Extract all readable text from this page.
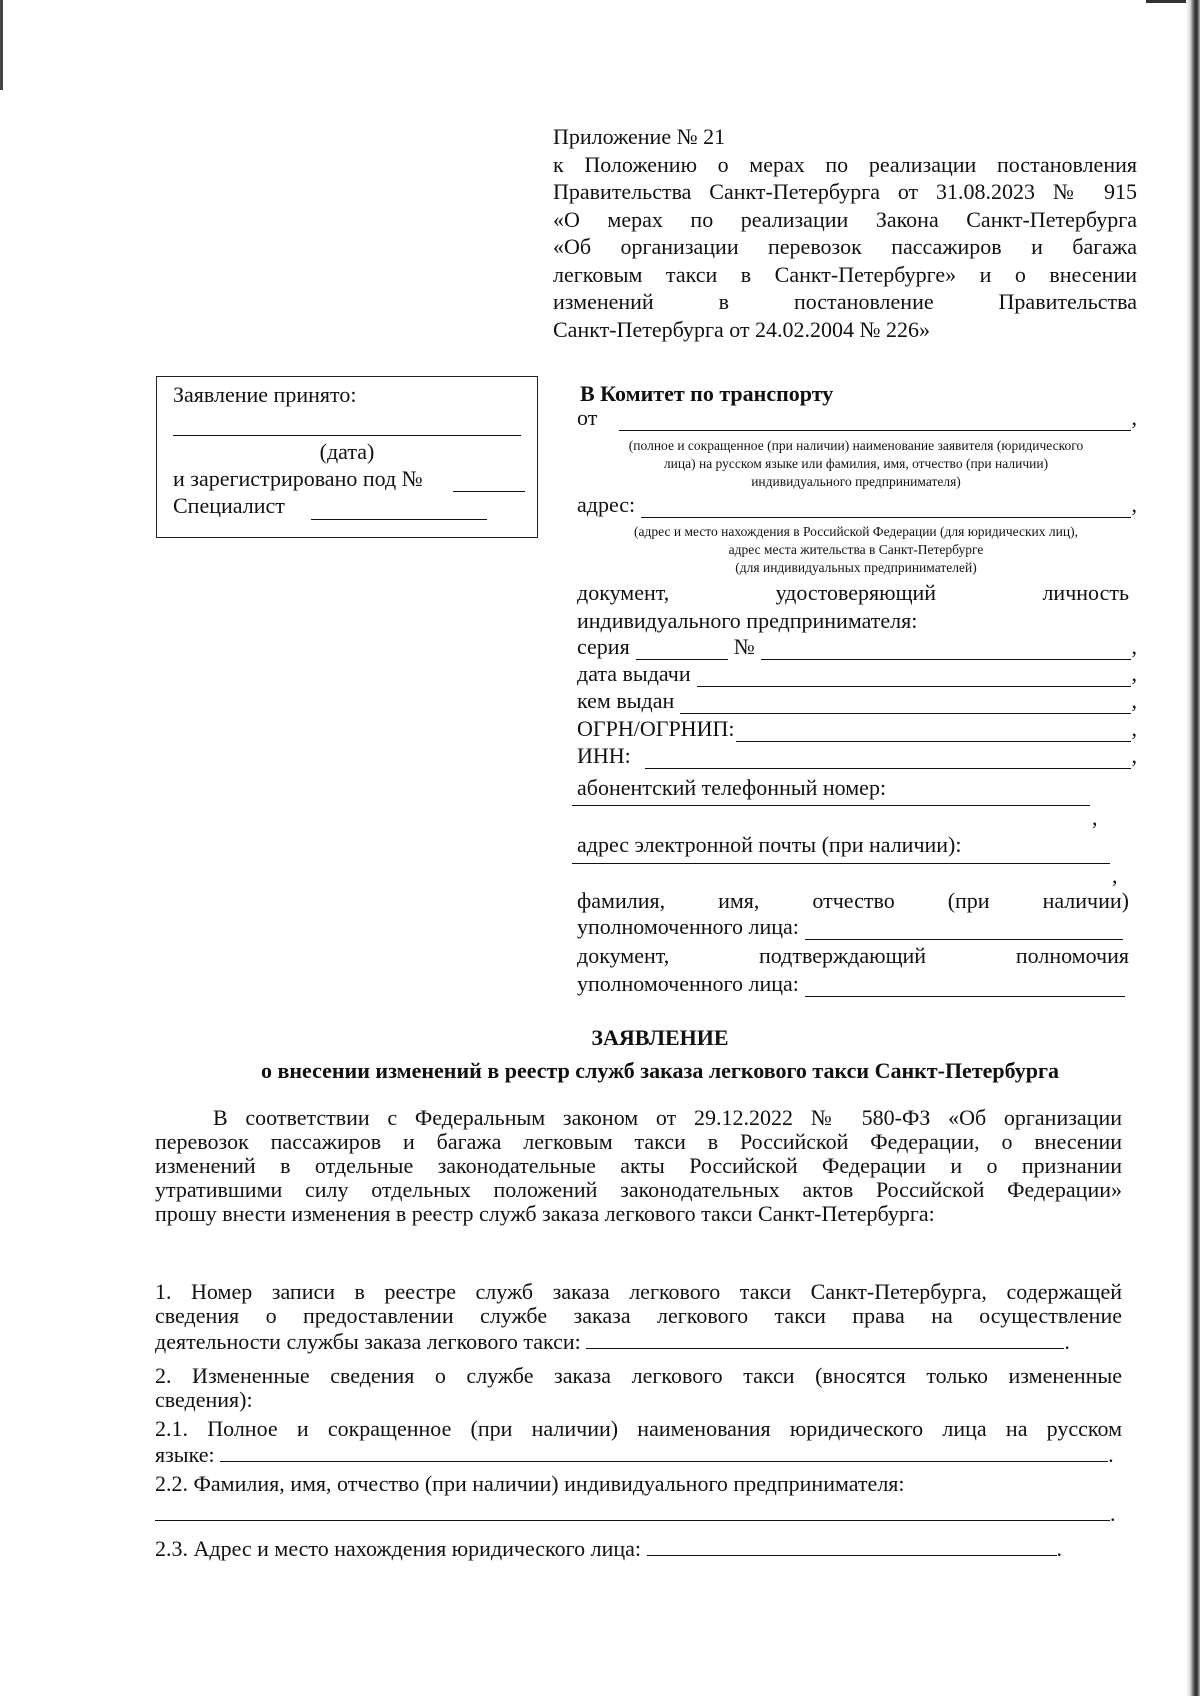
Приложение № 21
к Положению о мерах по реализации постановления
Правительства Санкт-Петербурга от 31.08.2023 № 915
«О мерах по реализации Закона Санкт-Петербурга
«Об организации перевозок пассажиров и багажа
легковым такси в Санкт-Петербурге» и о внесении
изменений в постановление Правительства
Санкт-Петербурга от 24.02.2004 № 226»
Заявление принято:
(дата)
и зарегистрировано под №
Специалист
В Комитет по транспорту
от	,
(полное и сокращенное (при наличии) наименование заявителя (юридического
лица) на русском языке или фамилия, имя, отчество (при наличии)
индивидуального предпринимателя)
адрес:	,
(адрес и место нахождения в Российской Федерации (для юридических лиц),
адрес места жительства в Санкт-Петербурге
(для индивидуальных предпринимателей)
документ, удостоверяющий личность
индивидуального предпринимателя:
серия	№	,
дата выдачи	,
кем выдан	,
ОГРН/ОГРНИП:	,
ИНН:	,
абонентский телефонный номер:
,
адрес электронной почты (при наличии):
,
фамилия, имя, отчество (при наличии)
уполномоченного лица:
документ, подтверждающий полномочия
уполномоченного лица:
ЗАЯВЛЕНИЕ
о внесении изменений в реестр служб заказа легкового такси Санкт-Петербурга
В соответствии с Федеральным законом от 29.12.2022 № 580-ФЗ «Об организации
перевозок пассажиров и багажа легковым такси в Российской Федерации, о внесении
изменений в отдельные законодательные акты Российской Федерации и о признании
утратившими силу отдельных положений законодательных актов Российской Федерации»
прошу внести изменения в реестр служб заказа легкового такси Санкт-Петербурга:
1. Номер записи в реестре служб заказа легкового такси Санкт-Петербурга, содержащей
сведения о предоставлении службе заказа легкового такси права на осуществление
деятельности службы заказа легкового такси:	.
2. Измененные сведения о службе заказа легкового такси (вносятся только измененные
сведения):
2.1. Полное и сокращенное (при наличии) наименования юридического лица на русском
языке:	.
2.2. Фамилия, имя, отчество (при наличии) индивидуального предпринимателя:
.
2.3. Адрес и место нахождения юридического лица:	.
